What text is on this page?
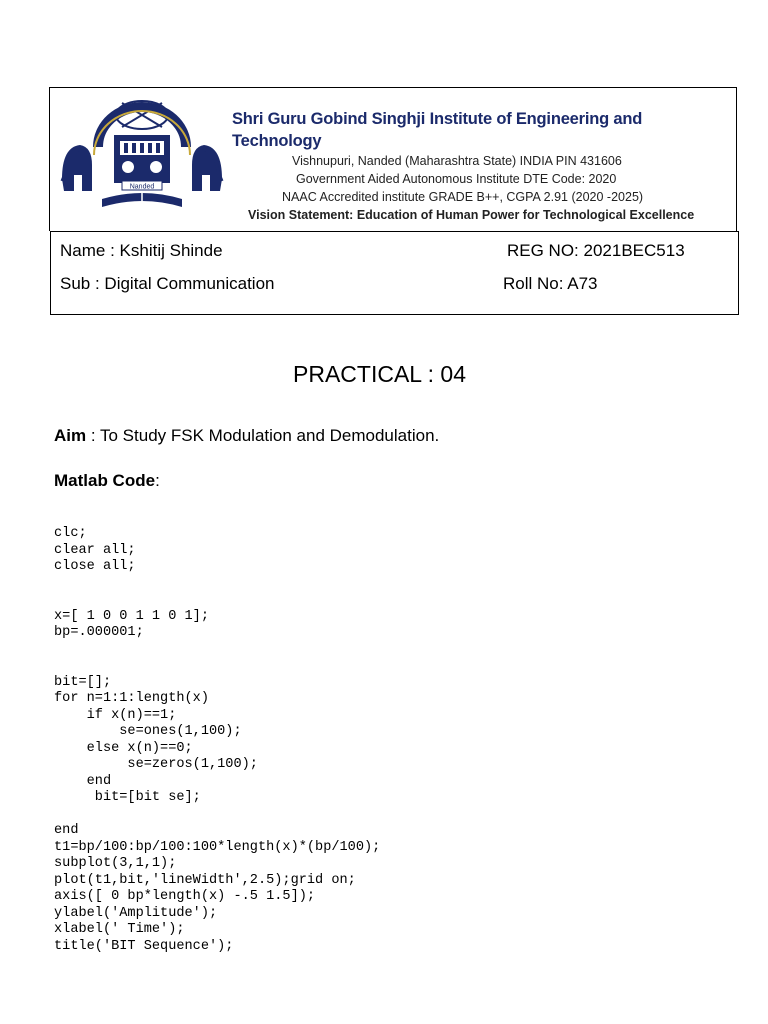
Nanded
Shri Guru Gobind Singhji Institute of Engineering and Technology
Vishnupuri, Nanded (Maharashtra State) INDIA PIN 431606
Government Aided Autonomous Institute DTE Code: 2020
NAAC Accredited institute GRADE B++, CGPA 2.91 (2020 -2025)
Vision Statement: Education of Human Power for Technological Excellence
Name : Kshitij Shinde	REG NO: 2021BEC513
Sub : Digital Communication	Roll No: A73
PRACTICAL : 04
Aim : To Study FSK Modulation and Demodulation.
Matlab Code:
clc;
clear all;
close all;

x=[ 1 0 0 1 1 0 1];
bp=.000001;

bit=[];
for n=1:1:length(x)
if x(n)==1;
se=ones(1,100);
else x(n)==0;
se=zeros(1,100);
end
bit=[bit se];

end
t1=bp/100:bp/100:100*length(x)*(bp/100);
subplot(3,1,1);
plot(t1,bit,'lineWidth',2.5);grid on;
axis([ 0 bp*length(x) -.5 1.5]);
ylabel('Amplitude');
xlabel(' Time');
title('BIT Sequence');
